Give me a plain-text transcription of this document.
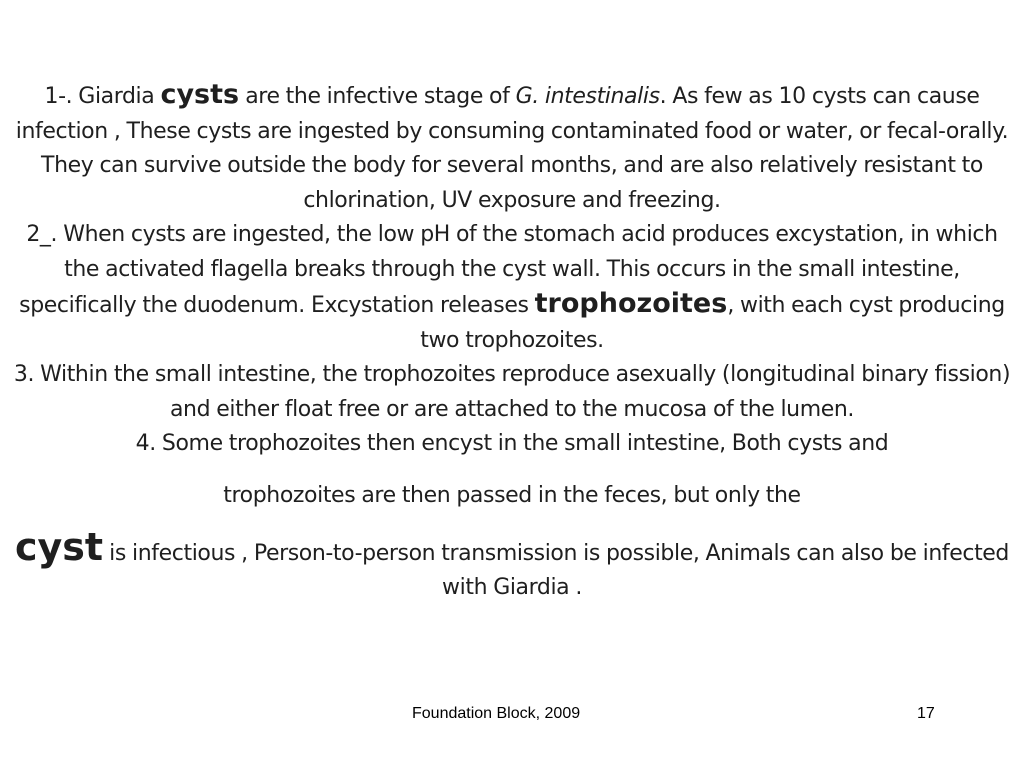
1-. Giardia cysts are the infective stage of G. intestinalis. As few as 10 cysts can cause infection , These cysts are ingested by consuming contaminated food or water, or fecal-orally. They can survive outside the body for several months, and are also relatively resistant to chlorination, UV exposure and freezing.

2_. When cysts are ingested, the low pH of the stomach acid produces excystation, in which the activated flagella breaks through the cyst wall. This occurs in the small intestine, specifically the duodenum. Excystation releases trophozoites, with each cyst producing two trophozoites.

3. Within the small intestine, the trophozoites reproduce asexually (longitudinal binary fission) and either float free or are attached to the mucosa of the lumen.

4. Some trophozoites then encyst in the small intestine, Both cysts and

trophozoites are then passed in the feces, but only the

cyst is infectious , Person-to-person transmission is possible, Animals can also be infected with Giardia .

Foundation Block, 2009	17
